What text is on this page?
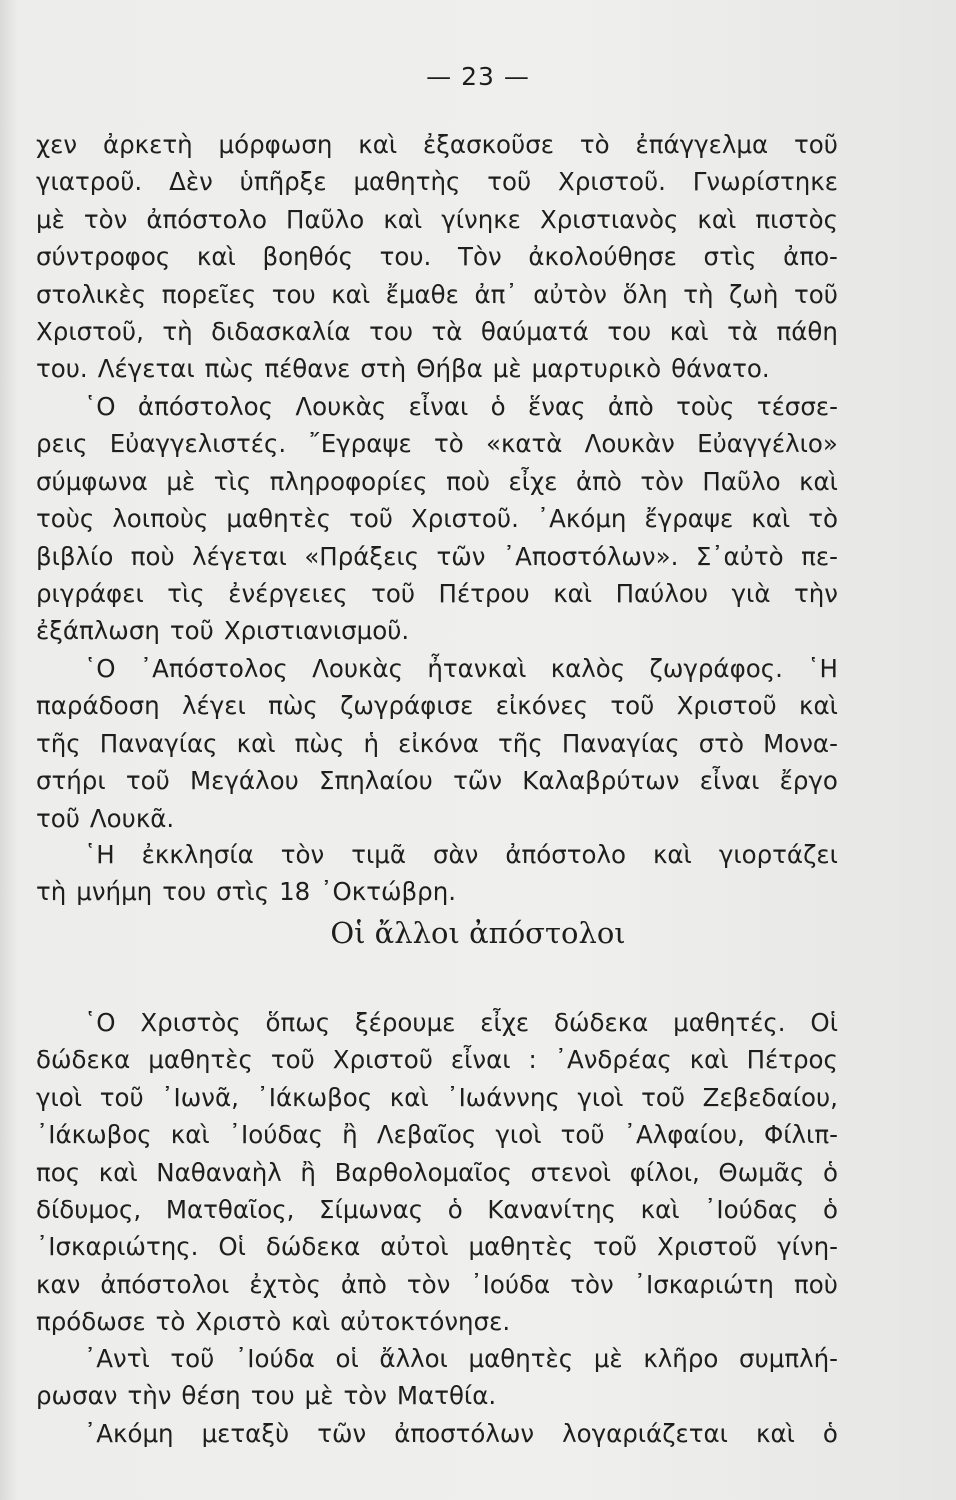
— 23 —
χεν ἀρκετὴ μόρφωση καὶ ἐξασκοῦσε τὸ ἐπάγγελμα τοῦ
γιατροῦ. Δὲν ὑπῆρξε μαθητὴς τοῦ Χριστοῦ. Γνωρίστηκε
μὲ τὸν ἀπόστολο Παῦλο καὶ γίνηκε Χριστιανὸς καὶ πιστὸς
σύντροφος καὶ βοηθός του. Τὸν ἀκολούθησε στὶς ἀπο-
στολικὲς πορεῖες του καὶ ἔμαθε ἀπ᾽ αὐτὸν ὅλη τὴ ζωὴ τοῦ
Χριστοῦ, τὴ διδασκαλία του τὰ θαύματά του καὶ τὰ πάθη
του. Λέγεται πὼς πέθανε στὴ Θήβα μὲ μαρτυρικὸ θάνατο.
῾Ο ἀπόστολος Λουκὰς εἶναι ὁ ἕνας ἀπὸ τοὺς τέσσε-
ρεις Εὐαγγελιστές. ῎Εγραψε τὸ «κατὰ Λουκὰν Εὐαγγέλιο»
σύμφωνα μὲ τὶς πληροφορίες ποὺ εἶχε ἀπὸ τὸν Παῦλο καὶ
τοὺς λοιποὺς μαθητὲς τοῦ Χριστοῦ. ᾽Ακόμη ἔγραψε καὶ τὸ
βιβλίο ποὺ λέγεται «Πράξεις τῶν ᾽Αποστόλων». Σ᾽αὐτὸ πε-
ριγράφει τὶς ἐνέργειες τοῦ Πέτρου καὶ Παύλου γιὰ τὴν
ἐξάπλωση τοῦ Χριστιανισμοῦ.
῾Ο ᾽Απόστολος Λουκὰς ἦτανκαὶ καλὸς ζωγράφος. ῾Η
παράδοση λέγει πὼς ζωγράφισε εἰκόνες τοῦ Χριστοῦ καὶ
τῆς Παναγίας καὶ πὼς ἡ εἰκόνα τῆς Παναγίας στὸ Μονα-
στήρι τοῦ Μεγάλου Σπηλαίου τῶν Καλαβρύτων εἶναι ἔργο
τοῦ Λουκᾶ.
῾Η ἐκκλησία τὸν τιμᾶ σὰν ἀπόστολο καὶ γιορτάζει
τὴ μνήμη του στὶς 18 ᾽Οκτώβρη.
Οἱ ἄλλοι ἀπόστολοι
῾Ο Χριστὸς ὅπως ξέρουμε εἶχε δώδεκα μαθητές. Οἱ
δώδεκα μαθητὲς τοῦ Χριστοῦ εἶναι : ᾽Ανδρέας καὶ Πέτρος
γιοὶ τοῦ ᾽Ιωνᾶ, ᾽Ιάκωβος καὶ ᾽Ιωάννης γιοὶ τοῦ Ζεβεδαίου,
᾽Ιάκωβος καὶ ᾽Ιούδας ἢ Λεβαῖος γιοὶ τοῦ ᾽Αλφαίου, Φίλιπ-
πος καὶ Ναθαναὴλ ἢ Βαρθολομαῖος στενοὶ φίλοι, Θωμᾶς ὁ
δίδυμος, Ματθαῖος, Σίμωνας ὁ Κανανίτης καὶ ᾽Ιούδας ὁ
᾽Ισκαριώτης. Οἱ δώδεκα αὐτοὶ μαθητὲς τοῦ Χριστοῦ γίνη-
καν ἀπόστολοι ἐχτὸς ἀπὸ τὸν ᾽Ιούδα τὸν ᾽Ισκαριώτη ποὺ
πρόδωσε τὸ Χριστὸ καὶ αὐτοκτόνησε.
᾽Αντὶ τοῦ ᾽Ιούδα οἱ ἄλλοι μαθητὲς μὲ κλῆρο συμπλή-
ρωσαν τὴν θέση του μὲ τὸν Ματθία.
᾽Ακόμη μεταξὺ τῶν ἀποστόλων λογαριάζεται καὶ ὁ
